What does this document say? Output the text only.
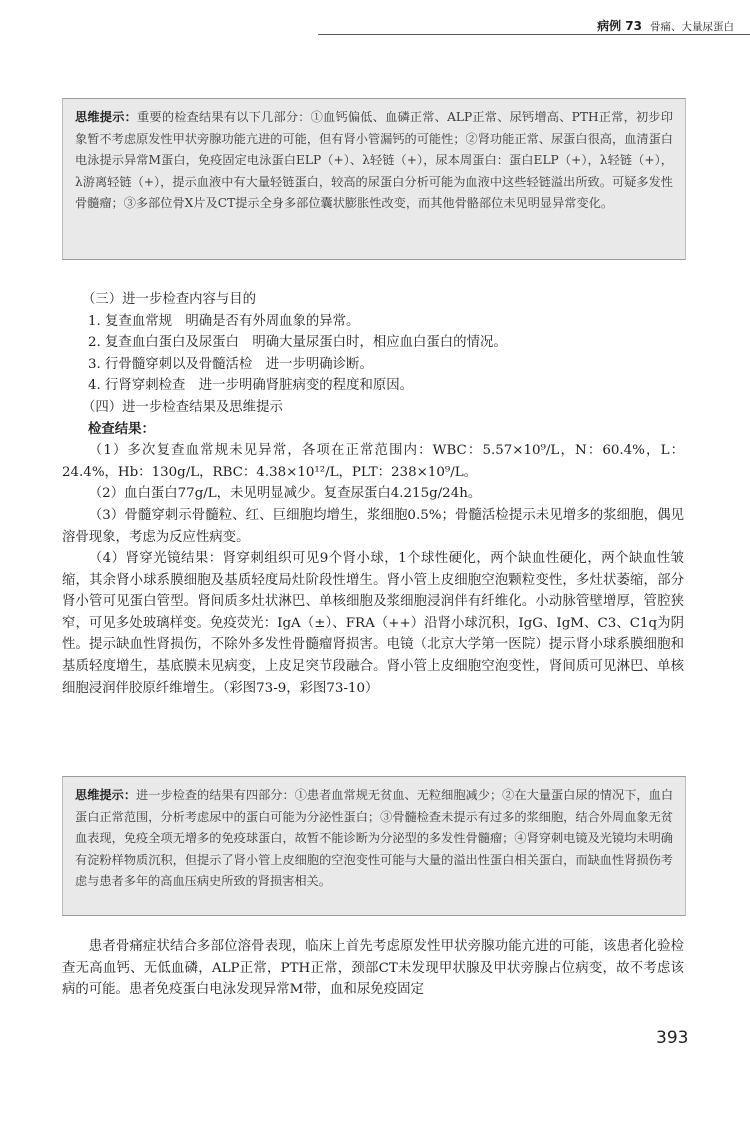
病例 73 骨痛、大量尿蛋白
思维提示：重要的检查结果有以下几部分：①血钙偏低、血磷正常、ALP正常、尿钙增高、PTH正常，初步印象暂不考虑原发性甲状旁腺功能亢进的可能，但有肾小管漏钙的可能性；②肾功能正常、尿蛋白很高，血清蛋白电泳提示异常M蛋白，免疫固定电泳蛋白ELP（+）、λ轻链（+），尿本周蛋白：蛋白ELP（+），λ轻链（+），λ游离轻链（+），提示血液中有大量轻链蛋白，较高的尿蛋白分析可能为血液中这些轻链溢出所致。可疑多发性骨髓瘤；③多部位骨X片及CT提示全身多部位囊状膨胀性改变，而其他骨骼部位未见明显异常变化。
（三）进一步检查内容与目的
1. 复查血常规　明确是否有外周血象的异常。
2. 复查血白蛋白及尿蛋白　明确大量尿蛋白时，相应血白蛋白的情况。
3. 行骨髓穿刺以及骨髓活检　进一步明确诊断。
4. 行肾穿刺检查　进一步明确肾脏病变的程度和原因。
（四）进一步检查结果及思维提示
检查结果：
（1）多次复查血常规未见异常，各项在正常范围内：WBC：5.57×10⁹/L，N：60.4%，L：24.4%，Hb：130g/L，RBC：4.38×10¹²/L，PLT：238×10⁹/L。
（2）血白蛋白77g/L，未见明显减少。复查尿蛋白4.215g/24h。
（3）骨髓穿刺示骨髓粒、红、巨细胞均增生，浆细胞0.5%；骨髓活检提示未见增多的浆细胞，偶见溶骨现象，考虑为反应性病变。
（4）肾穿光镜结果：肾穿刺组织可见9个肾小球，1个球性硬化，两个缺血性硬化，两个缺血性皱缩，其余肾小球系膜细胞及基质轻度局灶阶段性增生。肾小管上皮细胞空泡颗粒变性，多灶状萎缩，部分肾小管可见蛋白管型。肾间质多灶状淋巴、单核细胞及浆细胞浸润伴有纤维化。小动脉管壁增厚，管腔狭窄，可见多处玻璃样变。免疫荧光：IgA（±）、FRA（++）沿肾小球沉积，IgG、IgM、C3、C1q为阴性。提示缺血性肾损伤，不除外多发性骨髓瘤肾损害。电镜（北京大学第一医院）提示肾小球系膜细胞和基质轻度增生，基底膜未见病变，上皮足突节段融合。肾小管上皮细胞空泡变性，肾间质可见淋巴、单核细胞浸润伴胶原纤维增生。（彩图73-9，彩图73-10）
思维提示：进一步检查的结果有四部分：①患者血常规无贫血、无粒细胞减少；②在大量蛋白尿的情况下，血白蛋白正常范围，分析考虑尿中的蛋白可能为分泌性蛋白；③骨髓检查未提示有过多的浆细胞，结合外周血象无贫血表现，免疫全项无增多的免疫球蛋白，故暂不能诊断为分泌型的多发性骨髓瘤；④肾穿刺电镜及光镜均未明确有淀粉样物质沉积，但提示了肾小管上皮细胞的空泡变性可能与大量的溢出性蛋白相关蛋白，而缺血性肾损伤考虑与患者多年的高血压病史所致的肾损害相关。
患者骨痛症状结合多部位溶骨表现，临床上首先考虑原发性甲状旁腺功能亢进的可能，该患者化验检查无高血钙、无低血磷，ALP正常，PTH正常，颈部CT未发现甲状腺及甲状旁腺占位病变，故不考虑该病的可能。患者免疫蛋白电泳发现异常M带，血和尿免疫固定
393
